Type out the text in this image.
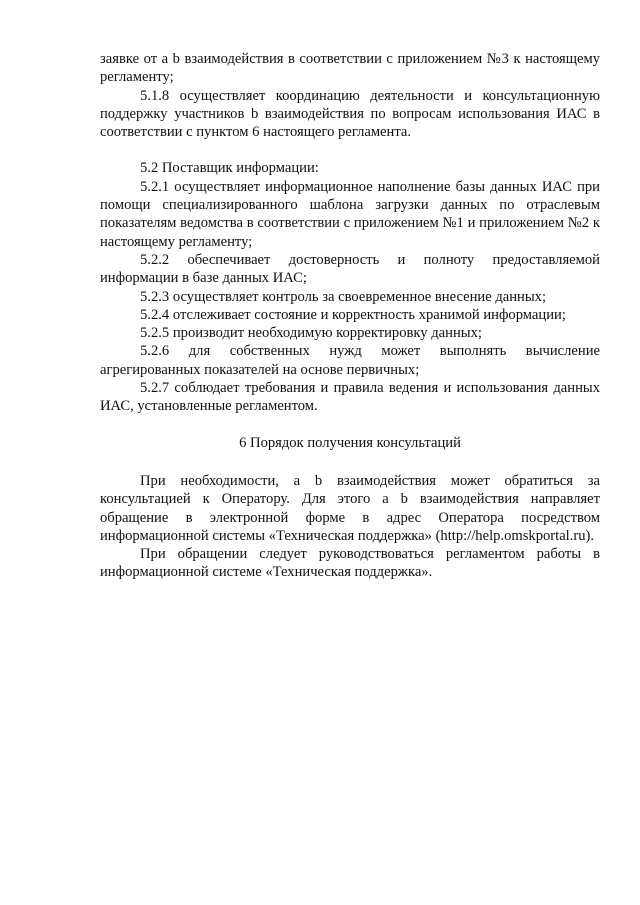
заявке от a b взаимодействия в соответствии с приложением №3 к настоящему регламенту;

5.1.8 осуществляет координацию деятельности и консультационную поддержку участников b взаимодействия по вопросам использования ИАС в соответствии с пунктом 6 настоящего регламента.

5.2 Поставщик информации:

5.2.1 осуществляет информационное наполнение базы данных ИАС при помощи специализированного шаблона загрузки данных по отраслевым показателям ведомства в соответствии с приложением №1 и приложением №2 к настоящему регламенту;

5.2.2 обеспечивает достоверность и полноту предоставляемой информации в базе данных ИАС;

5.2.3 осуществляет контроль за своевременное внесение данных;

5.2.4 отслеживает состояние и корректность хранимой информации;

5.2.5 производит необходимую корректировку данных;

5.2.6 для собственных нужд может выполнять вычисление агрегированных показателей на основе первичных;

5.2.7 соблюдает требования и правила ведения и использования данных ИАС, установленные регламентом.

6 Порядок получения консультаций

При необходимости, a b взаимодействия может обратиться за консультацией к Оператору. Для этого a b взаимодействия направляет обращение в электронной форме в адрес Оператора посредством информационной системы «Техническая поддержка» (http://help.omskportal.ru).

При обращении следует руководствоваться регламентом работы в информационной системе «Техническая поддержка».
